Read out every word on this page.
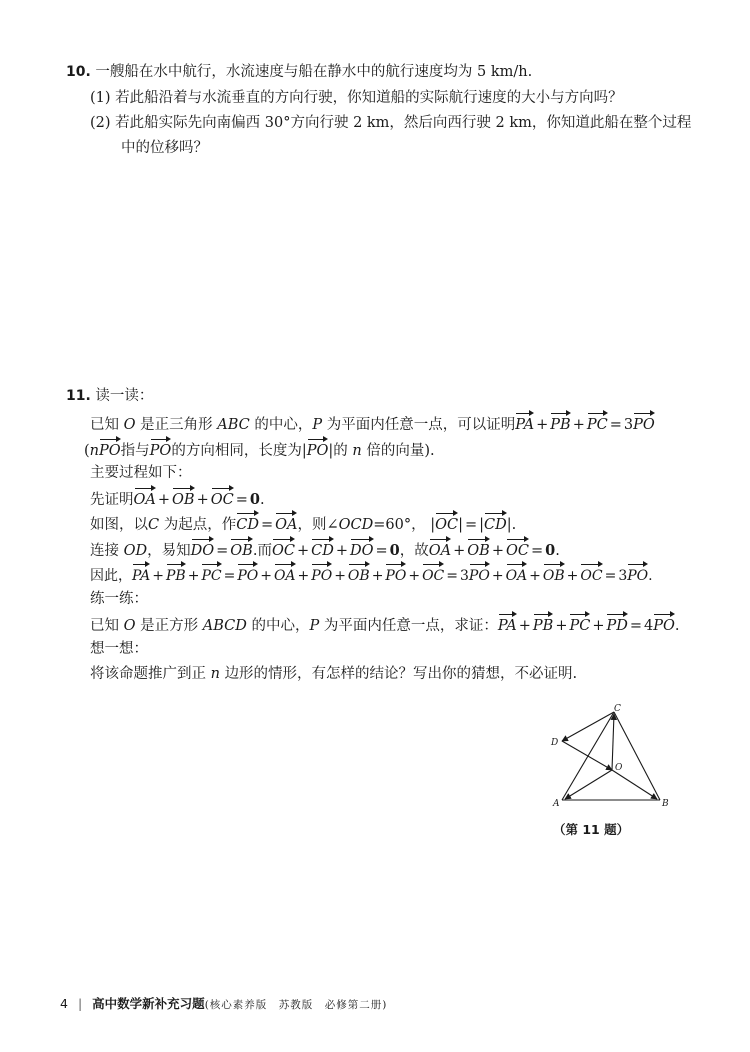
10. 一艘船在水中航行，水流速度与船在静水中的航行速度均为 5 km/h.
(1) 若此船沿着与水流垂直的方向行驶，你知道船的实际航行速度的大小与方向吗？
(2) 若此船实际先向南偏西 30°方向行驶 2 km，然后向西行驶 2 km，你知道此船在整个过程
中的位移吗？
11. 读一读：
已知 O 是正三角形 ABC 的中心，P 为平面内任意一点，可以证明PA + PB + PC = 3PO
(nPO指与PO的方向相同，长度为|PO|的 n 倍的向量).
主要过程如下：
先证明OA + OB + OC = 0.
如图，以C 为起点，作CD = OA，则∠OCD=60°， |OC| = |CD|.
连接 OD，易知DO = OB.而OC + CD + DO = 0，故OA + OB + OC = 0.
因此，PA + PB + PC = PO + OA + PO + OB + PO + OC = 3PO + OA + OB + OC = 3PO.
练一练：
已知 O 是正方形 ABCD 的中心，P 为平面内任意一点，求证：PA + PB + PC + PD = 4PO.
想一想：
将该命题推广到正 n 边形的情形，有怎样的结论？写出你的猜想，不必证明.
C
D
O
A	B
（第 11 题）
4 | 高中数学新补充习题(核心素养版　苏教版　必修第二册)
